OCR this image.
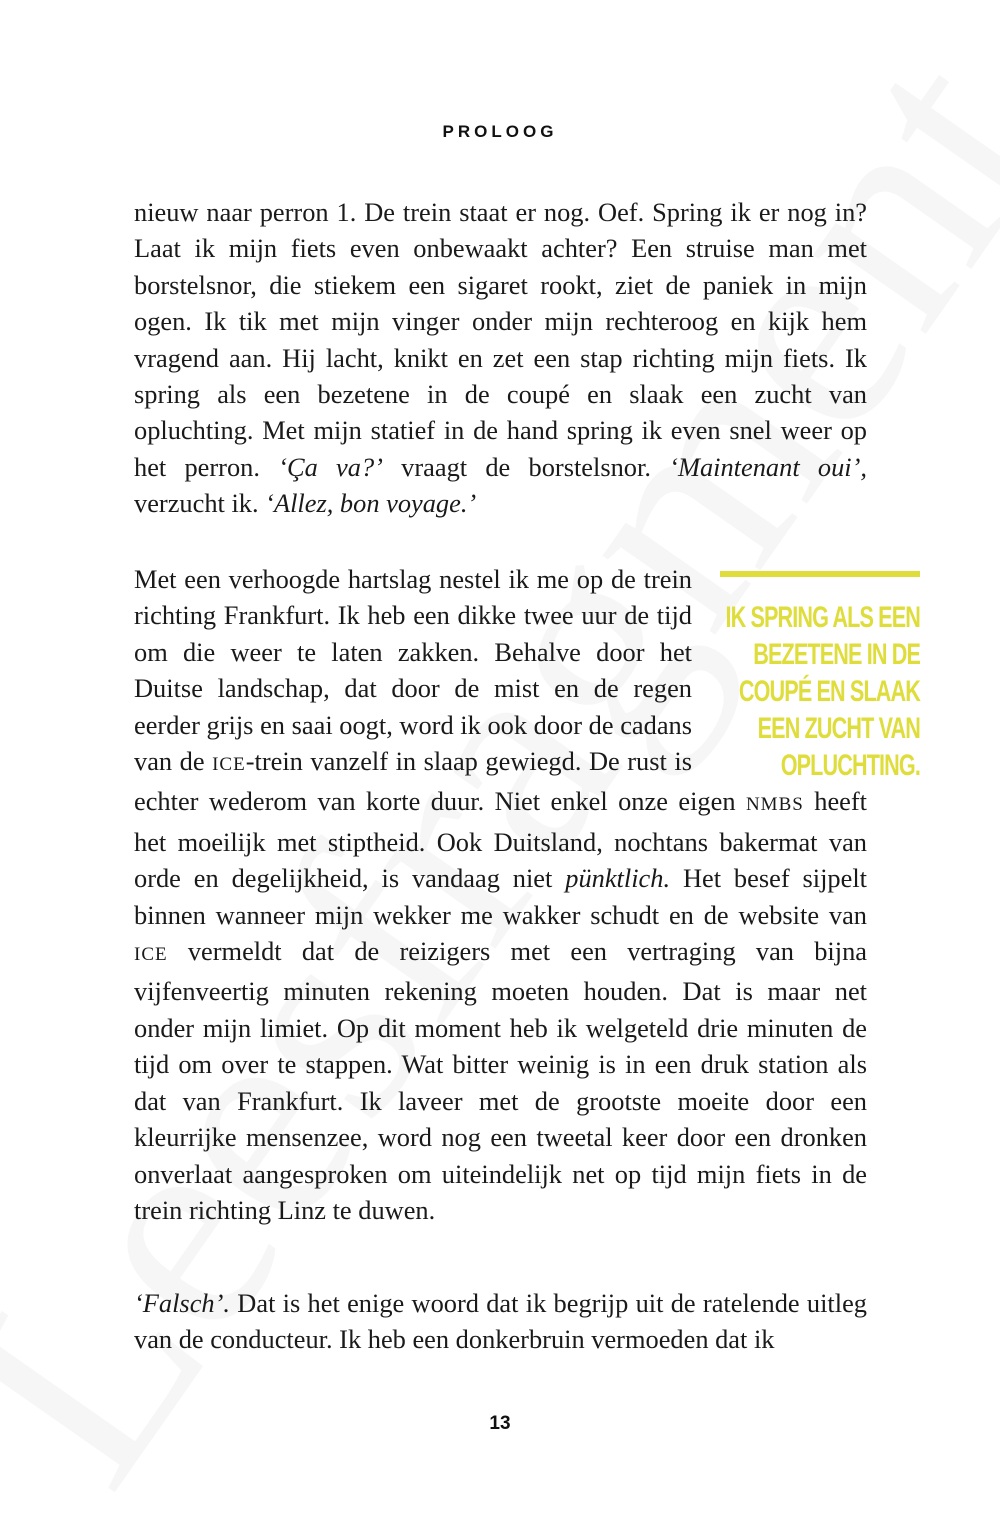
PROLOOG

nieuw naar perron 1. De trein staat er nog. Oef. Spring ik er nog in? Laat ik mijn fiets even onbewaakt achter? Een struise man met borstelsnor, die stiekem een sigaret rookt, ziet de paniek in mijn ogen. Ik tik met mijn vinger onder mijn rechteroog en kijk hem vragend aan. Hij lacht, knikt en zet een stap richting mijn fiets. Ik spring als een bezetene in de coupé en slaak een zucht van opluchting. Met mijn statief in de hand spring ik even snel weer op het perron. ‘Ça va?’ vraagt de borstelsnor. ‘Maintenant oui’, verzucht ik. ‘Allez, bon voyage.’

Met een verhoogde hartslag nestel ik me op de trein richting Frankfurt. Ik heb een dikke twee uur de tijd om die weer te laten zakken. Behalve door het Duitse landschap, dat door de mist en de regen eerder grijs en saai oogt, word ik ook door de cadans van de ICE-trein vanzelf in slaap gewiegd. De rust is echter wederom van korte duur. Niet enkel onze eigen NMBS heeft het moeilijk met stiptheid. Ook Duitsland, nochtans bakermat van orde en degelijkheid, is vandaag niet pünktlich. Het besef sijpelt binnen wanneer mijn wekker me wakker schudt en de website van ICE vermeldt dat de reizigers met een vertraging van bijna vijfenveertig minuten rekening moeten houden. Dat is maar net onder mijn limiet. Op dit moment heb ik welgeteld drie minuten de tijd om over te stappen. Wat bitter weinig is in een druk station als dat van Frankfurt. Ik laveer met de grootste moeite door een kleurrijke mensenzee, word nog een tweetal keer door een dronken onverlaat aangesproken om uiteindelijk net op tijd mijn fiets in de trein richting Linz te duwen.

IK SPRING ALS EEN BEZETENE IN DE COUPÉ EN SLAAK EEN ZUCHT VAN OPLUCHTING.

‘Falsch’. Dat is het enige woord dat ik begrijp uit de ratelende uitleg van de conducteur. Ik heb een donkerbruin vermoeden dat ik

13
